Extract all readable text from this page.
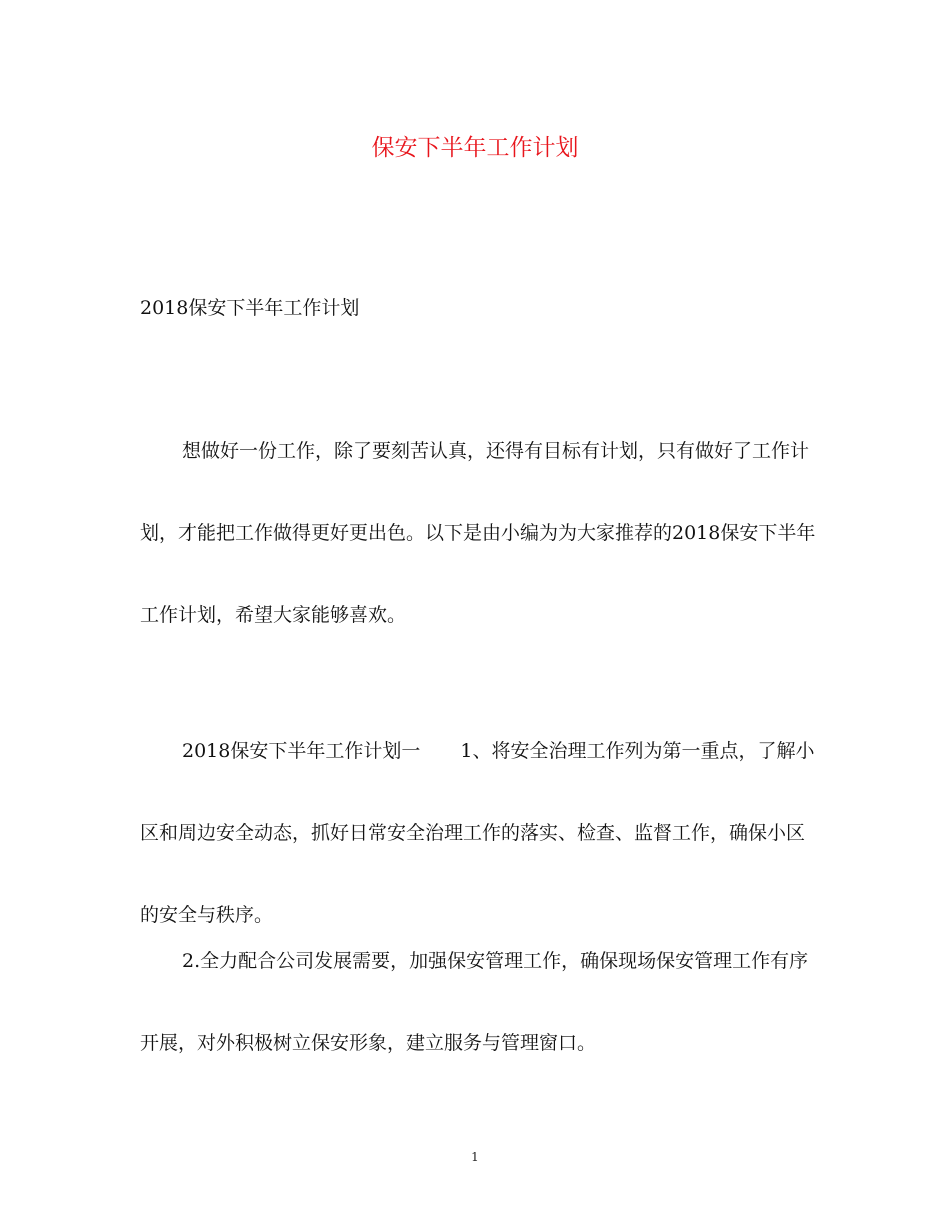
保安下半年工作计划
2018保安下半年工作计划
想做好一份工作，除了要刻苦认真，还得有目标有计划，只有做好了工作计划，才能把工作做得更好更出色。以下是由小编为为大家推荐的2018保安下半年工作计划，希望大家能够喜欢。
2018保安下半年工作计划一 1、将安全治理工作列为第一重点，了解小区和周边安全动态，抓好日常安全治理工作的落实、检查、监督工作，确保小区的安全与秩序。
2.全力配合公司发展需要，加强保安管理工作，确保现场保安管理工作有序开展，对外积极树立保安形象，建立服务与管理窗口。
1
